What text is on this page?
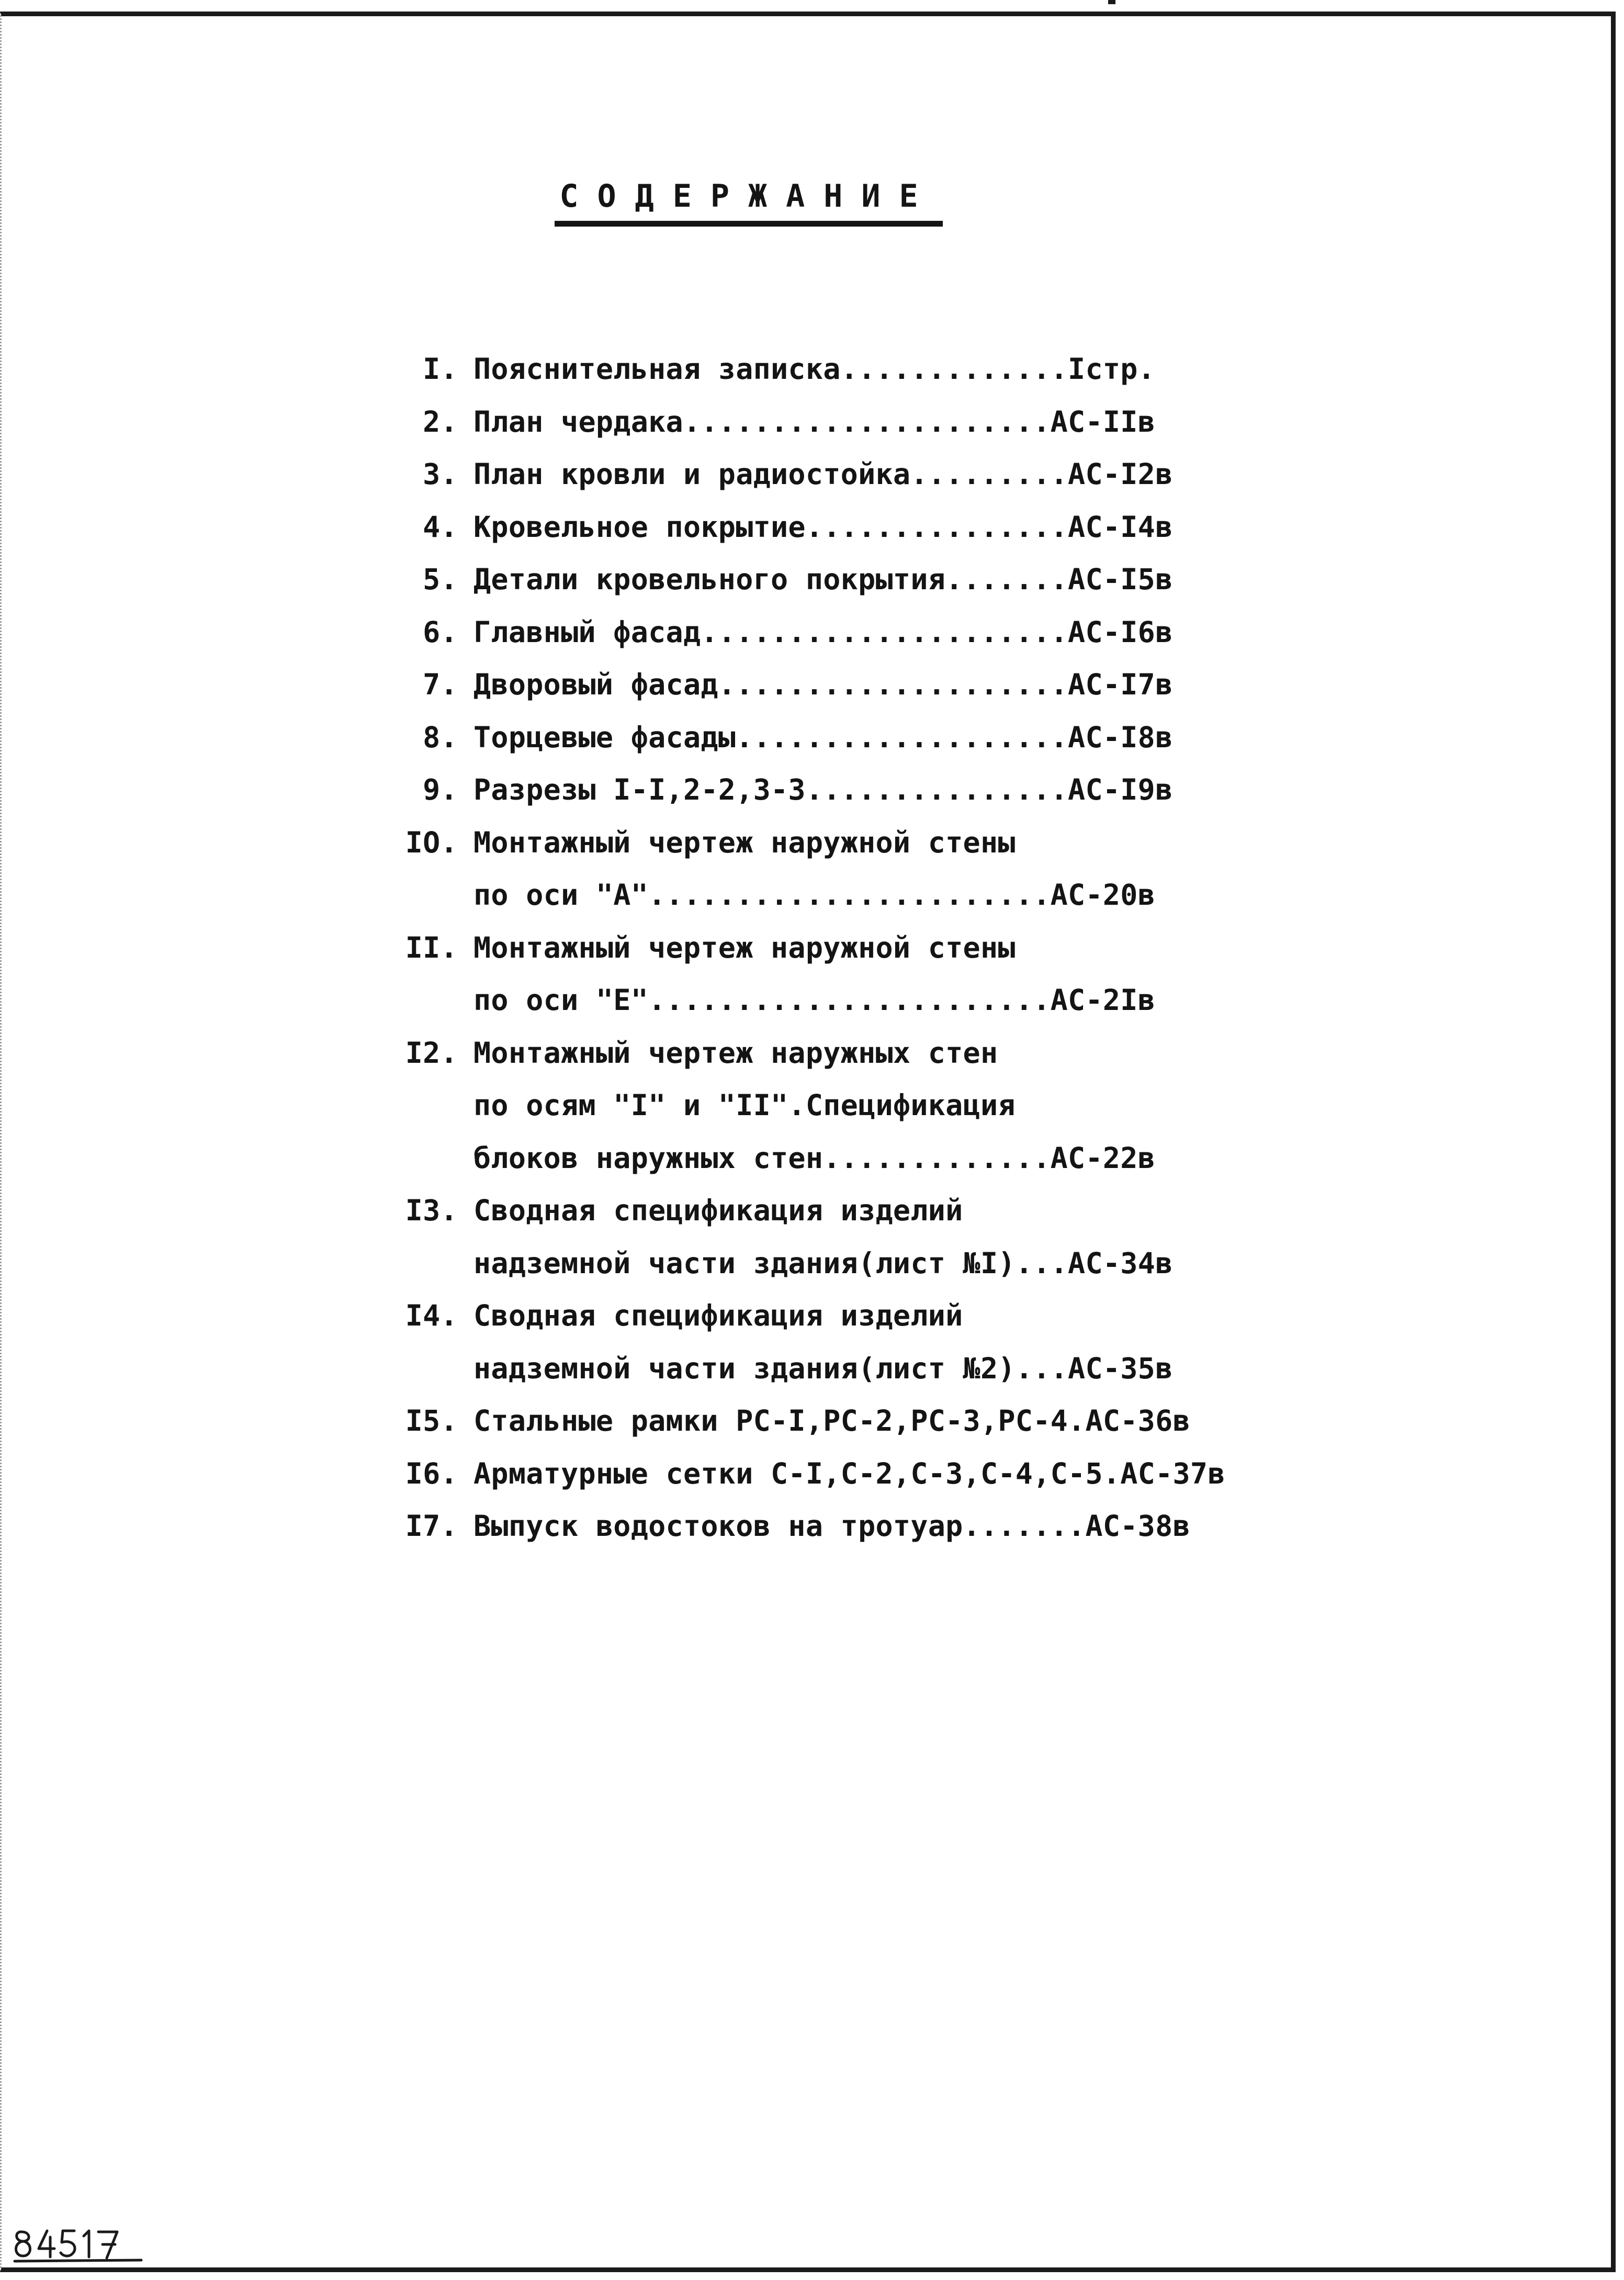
СОДЕРЖАНИЕ
I. Пояснительная записка.............Iстр.
2. План чердака.....................АС-IIв
3. План кровли и радиостойка.........АС-I2в
4. Кровельное покрытие...............АС-I4в
5. Детали кровельного покрытия.......АС-I5в
6. Главный фасад.....................АС-I6в
7. Дворовый фасад....................АС-I7в
8. Торцевые фасады...................АС-I8в
9. Разрезы I-I,2-2,3-3...............АС-I9в
IO. Монтажный чертеж наружной стены
по оси "А".......................АС-20в
II. Монтажный чертеж наружной стены
по оси "Е".......................АС-2Iв
I2. Монтажный чертеж наружных стен
по осям "I" и "II".Спецификация
блоков наружных стен.............АС-22в
I3. Сводная спецификация изделий
надземной части здания(лист №I)...АС-34в
I4. Сводная спецификация изделий
надземной части здания(лист №2)...АС-35в
I5. Стальные рамки РС-I,РС-2,РС-3,РС-4.АС-36в
I6. Арматурные сетки С-I,С-2,С-3,С-4,С-5.АС-37в
I7. Выпуск водостоков на тротуар.......АС-38в
